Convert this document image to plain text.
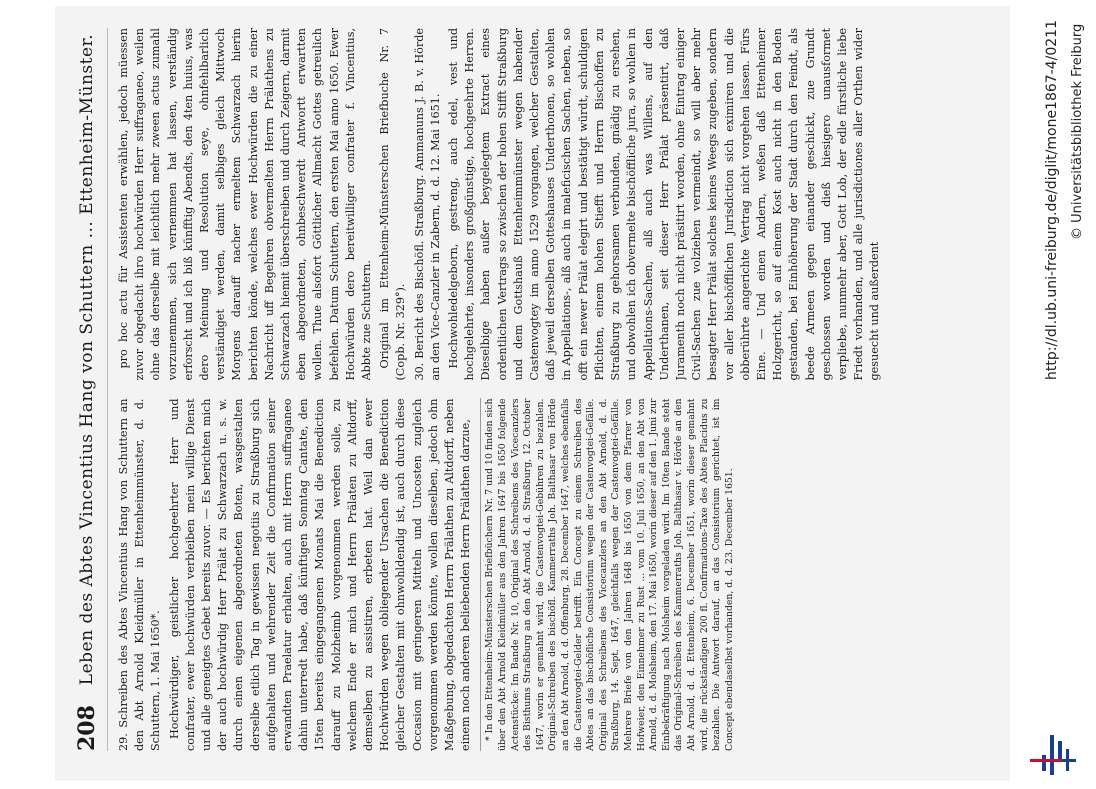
208
Leben des Abtes Vincentius Hang von Schuttern ... Ettenheim-Münster. 29. Schreiben des Abtes Vincentius Hang von Schuttern an den Abt Arnold Kleidmüller in Ettenheimmünster, d. d. Schuttern, 1. Mai 1650*. Hochwürdiger, geistlicher hochgeehrter Herr und confrater, ewer hochwürden verbleiben mein willige Dienst und alle geneigtes Gebet bereits zuvor. — Es berichten mich der auch hochwürdig Herr Prälat zu Schwarzach u. s. w. durch einen eigenen abgeordneten Boten, wasgestalten derselbe etlich Tag in gewissen negotiis zu Straßburg sich aufgehalten und wehrender Zeit die Confirmation seiner erwandten Praelatur erhalten, auch mit Herrn suffraganeo dahin unterredt habe, daß künftigen Sonntag Cantate, den 15ten bereits eingegangenen Monats Mai die Benediction darauff zu Molzheimb vorgenommen werden solle, zu welchem Ende er mich und Herrn Prälaten zu Altdorff, demselben zu assistiren, erbeten hat. Weil dan ewer Hochwürden wegen obliegender Ursachen die Benediction gleicher Gestalten mit ohnwohldendig ist, auch durch diese Occasion mit geringeren Mitteln und Uncosten zugleich vorgenommen werden könnte, wollen dieselben, jedoch ohn Maßgebung, obgedachten Herrn Prälathen zu Altdorff, neben einem noch anderen beliebenden Herrn Prälathen darzue, * In den Ettenheim-Münsterschen Briefbüchern Nr. 7 und 10 finden sich über den Abt Arnold Kleidmüller aus den Jahren 1647 bis 1650 folgende Actenstücke: Im Bande Nr. 10, Original des Schreibens des Vicecanzlers des Bisthums Straßburg an den Abt Arnold, d. d. Straßburg, 12. October 1647, worin er gemahnt wird, die Castenvogtei-Gebühren zu bezahlen. Original-Schreiben des bischöfl. Kammerraths Joh. Balthasar von Hörde an den Abt Arnold, d. d. Offenburg, 28. December 1647, welches ebenfalls die Castenvogtei-Gelder betrifft. Ein Concept zu einem Schreiben des Abtes an das bischöfliche Consistorium wegen der Castenvogtei-Gefälle. Original des Schreibens des Vicecanzlers an den Abt Arnold, d. d. Straßburg, 14. Sept. 1647, gleichfalls wegen der Castenvogtei-Gefälle. Mehrere Briefe von den Jahren 1648 bis 1650 von dem Pfarrer von Hofweier, den Einnehmer zu Rust ... vom 10. Juli 1650, an den Abt von Arnold, d. d. Molsheim, den 17. Mai 1650, worin dieser auf den 1. Juni zur Einbekräftigung nach Molsheim vorgeladen wird. Im 10ten Bande steht das Original-Schreiben des Kammerraths Joh. Balthasar v. Hörde an den Abt Arnold, d. d. Ettenheim, 6. December 1651, worin dieser gemahnt wird, die rückständigen 200 fl. Confirmations-Taxe des Abtes Placidus zu bezahlen. Die Antwort darauf, an das Consistorium gerichtet, ist im Concept ebendaselbst vorhanden, d. d. 23. December 1651.

pro hoc actu für Assistenten erwählen, jedoch müessen zuvor obgedacht ihro hochwürden Herr suffraganeo, weilen ohne das derselbe mit leichtlich mehr zween actus zumahl vorzunemmen, sich vernemmen hat lassen, verständig erforscht und ich biß künfftig Abendts, den 4ten huius, was dero Meinung und Resolution seye, ohnfehlbarlich verständiget werden, damit selbiges gleich Mittwoch Morgens darauff nacher ermeltem Schwarzach hierin berichten könde, welches ewer Hochwürden die zu einer Nachricht uff Begehren obvermelten Herrn Prälathens zu Schwarzach hiemit überschreiben und durch Zeigern, darmit eben abgeordneten, ohnbeschwerdt Antwortt erwartten wollen. Thue alsofort Göttlicher Allmacht Gottes getreulich befehlen. Datum Schuttern, den ersten Mai anno 1650. Ewer Hochwürden dero bereitwilliger confrater f. Vincentius, Abbte zue Schuttern. Original im Ettenheim-Münsterschen Briefbuche Nr. 7 (Copb. Nr. 329°). 30. Bericht des Bischöfl. Straßburg. Ammanuns J. B. v. Hörde an den Vice-Canzler in Zabern, d. d. 12. Mai 1651. Hochwohledelgeborn, gestreng, auch edel, vest und hochgelehrte, insonders großgünstige, hochgeehrte Herren. Dieselbige haben außer beygelegtem Extract eines ordentlichen Vertrags so zwischen der hohen Stifft Straßburg und dem Gottshauß Ettenheimmünster wegen habender Castenvogtey im anno 1529 vorgangen, welcher Gestalten, daß jeweil derselben Gotteshauses Underthonen, so wohlen in Appellations-, alß auch in maleficischen Sachen, neben, so offt ein newer Prälat elegirt und bestätigt würdt, schuldigen Pflichten, einem hohen Stiefft und Herrn Bischoffen zu Straßburg zu gehorsamen verbunden, gnädig zu ersehen, und obwohlen ich obvermelte bischöffliche jura, so wohlen in Appellations-Sachen, alß auch was Willens, auf den Underthanen, seit dieser Herr Prälat präsentirt, daß Juramenth noch nicht präsitirt worden, ohne Eintrag einiger Civil-Sachen zue volziehen vermeindt, so will aber mehr besagter Herr Prälat solches keines Weegs zugeben, sondern vor aller bischöfflichen Jurisdiction sich eximiren und die obberührte angerichte Vertrag nicht vorgehen lassen. Fürs Eine. — Und einen Andern, weßen daß Ettenheimer Holzgericht, so auf einem Kost auch nicht in den Boden gestanden, bei Einhöherung der Stadt durch den Feindt, als beede Armeen gegen einander geschickt, zue Grundt geschossen worden und dieß hiesigero unausformet verpliebe, nunmehr aber, Gott Lob, der edle fürstliche liebe Friedt vorhanden, und alle jurisdictiones aller Orthen wider gesuecht und außerdent	http://dl.ub.uni-freiburg.de/diglit/mone1867-4/0211 © Universitätsbibliothek Freiburg
